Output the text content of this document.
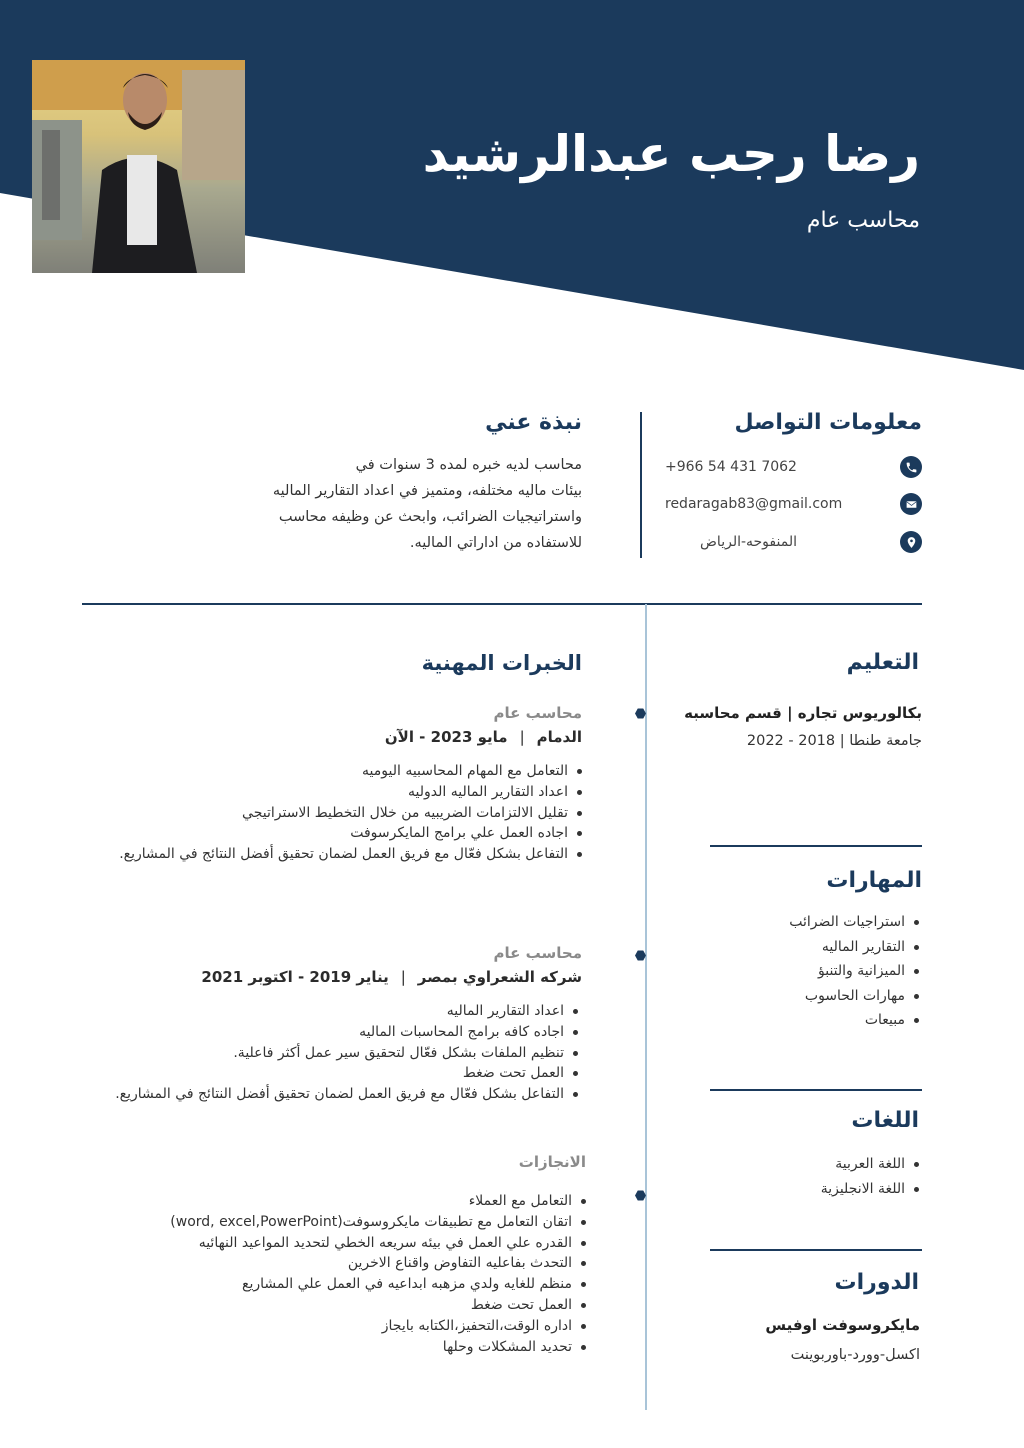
رضا رجب عبدالرشيد

محاسب عام

معلومات التواصل
+966 54 431 7062
redaragab83@gmail.com
المنفوحه-الرياض
نبذة عني
محاسب لديه خبره لمده 3 سنوات في
بيئات ماليه مختلفه، ومتميز في اعداد التقارير الماليه
واستراتيجيات الضرائب، وابحث عن وظيفه محاسب
للاستفاده من اداراتي الماليه.
التعليم

بكالوريوس تجاره | قسم محاسبه

جامعة طنطا | 2018 - 2022

المهارات
استراجيات الضرائب
التقارير الماليه
الميزانية والتنبؤ
مهارات الحاسوب
مبيعات
اللغات
اللغة العربية
اللغة الانجليزية
الدورات

مايكروسوفت اوفيس

اكسل-وورد-باوربوينت

الخبرات المهنية

محاسب عام

الدمام|مايو 2023 - الآن

التعامل مع المهام المحاسبيه اليوميه
اعداد التقارير الماليه الدوليه
تقليل الالتزامات الضريبيه من خلال التخطيط الاستراتيجي
اجاده العمل علي برامج المايكرسوفت
التفاعل بشكل فعّال مع فريق العمل لضمان تحقيق أفضل النتائج في المشاريع.

محاسب عام

شركه الشعراوي بمصر|يناير 2019 - اكتوبر 2021

اعداد التقارير الماليه
اجاده كافه برامج المحاسبات الماليه
تنظيم الملفات بشكل فعّال لتحقيق سير عمل أكثر فاعلية.
العمل تحت ضغط
التفاعل بشكل فعّال مع فريق العمل لضمان تحقيق أفضل النتائج في المشاريع.

الانجازات

التعامل مع العملاء
اتقان التعامل مع تطبيقات مايكروسوفت(word, excel,PowerPoint)
القدره علي العمل في بيئه سريعه الخطي لتحديد المواعيد النهائيه
التحدث بفاعليه التفاوض واقناع الاخرين
منظم للغايه ولدي مزهبه ابداعيه في العمل علي المشاريع
العمل تحت ضغط
اداره الوقت،التحفيز،الكتابه بايجاز
تحديد المشكلات وحلها
